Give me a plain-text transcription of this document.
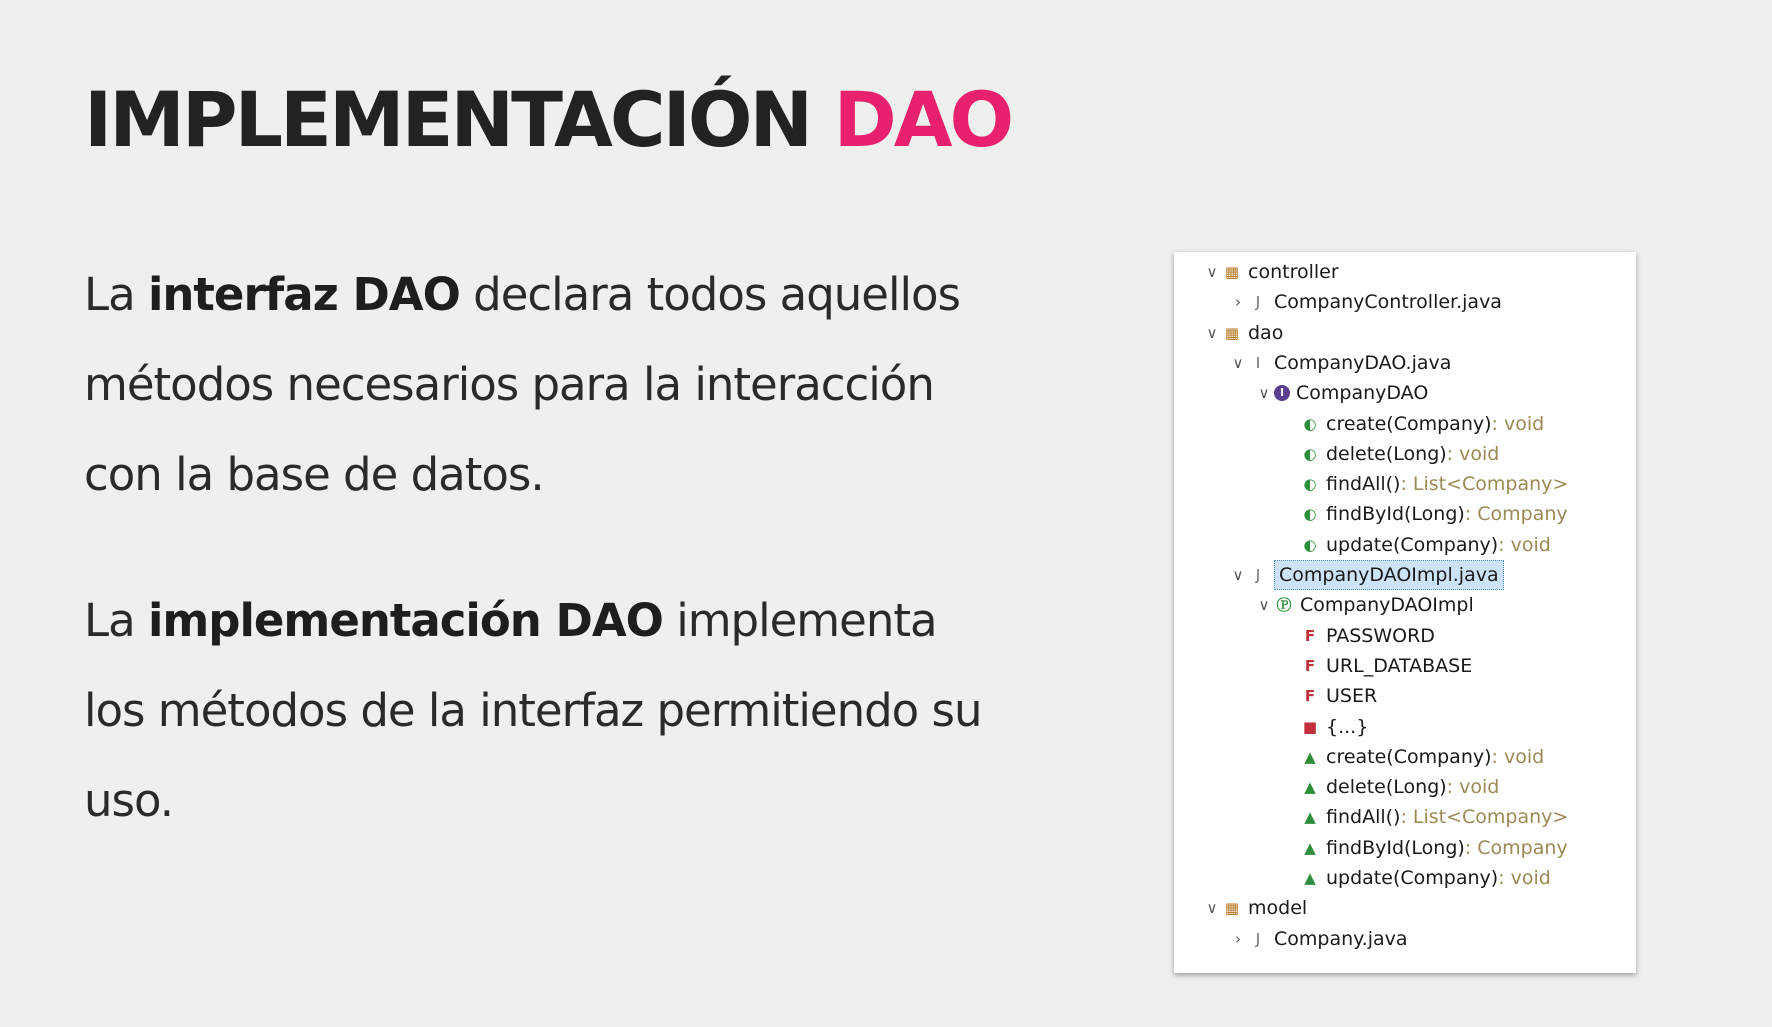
IMPLEMENTACIÓN DAO
La interfaz DAO declara todos aquellos métodos necesarios para la interacción con la base de datos.
La implementación DAO implementa los métodos de la interfaz permitiendo su uso.
∨ ▦ controller
› J CompanyController.java
∨ ▦ dao
∨ I CompanyDAO.java
∨ I CompanyDAO
◐ create(Company) : void
◐ delete(Long) : void
◐ findAll() : List<Company>
◐ findById(Long) : Company
◐ update(Company) : void
∨ J CompanyDAOImpl.java
∨ Ⓟ CompanyDAOImpl
F PASSWORD
F URL_DATABASE
F USER
■ {...}
▲ create(Company) : void
▲ delete(Long) : void
▲ findAll() : List<Company>
▲ findById(Long) : Company
▲ update(Company) : void
∨ ▦ model
› J Company.java
